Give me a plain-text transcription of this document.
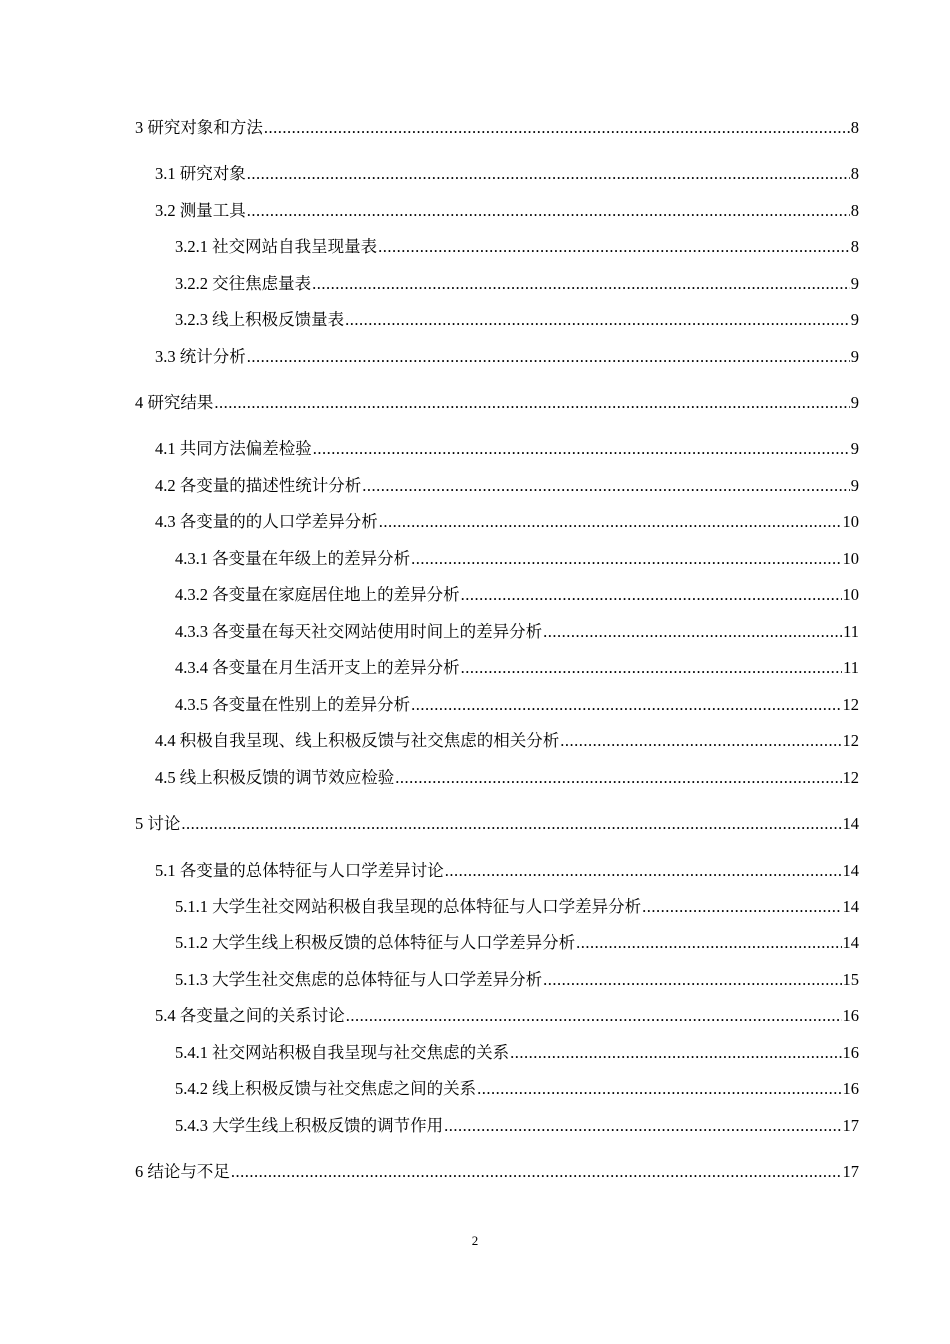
3 研究对象和方法 .....	8
3.1 研究对象 .....	8
3.2 测量工具 .....	8
3.2.1 社交网站自我呈现量表 .....	8
3.2.2 交往焦虑量表 .....	9
3.2.3 线上积极反馈量表 .....	9
3.3 统计分析 .....	9
4 研究结果 .....	9
4.1 共同方法偏差检验 .....	9
4.2 各变量的描述性统计分析 .....	9
4.3 各变量的的人口学差异分析 .....	10
4.3.1 各变量在年级上的差异分析 .....	10
4.3.2 各变量在家庭居住地上的差异分析 .....	10
4.3.3 各变量在每天社交网站使用时间上的差异分析 .....	11
4.3.4 各变量在月生活开支上的差异分析 .....	11
4.3.5 各变量在性别上的差异分析 .....	12
4.4 积极自我呈现、线上积极反馈与社交焦虑的相关分析 .....	12
4.5 线上积极反馈的调节效应检验 .....	12
5 讨论 .....	14
5.1 各变量的总体特征与人口学差异讨论 .....	14
5.1.1 大学生社交网站积极自我呈现的总体特征与人口学差异分析 .....	14
5.1.2 大学生线上积极反馈的总体特征与人口学差异分析 .....	14
5.1.3 大学生社交焦虑的总体特征与人口学差异分析 .....	15
5.4 各变量之间的关系讨论 .....	16
5.4.1 社交网站积极自我呈现与社交焦虑的关系 .....	16
5.4.2 线上积极反馈与社交焦虑之间的关系 .....	16
5.4.3 大学生线上积极反馈的调节作用 .....	17
6 结论与不足 .....	17
2
